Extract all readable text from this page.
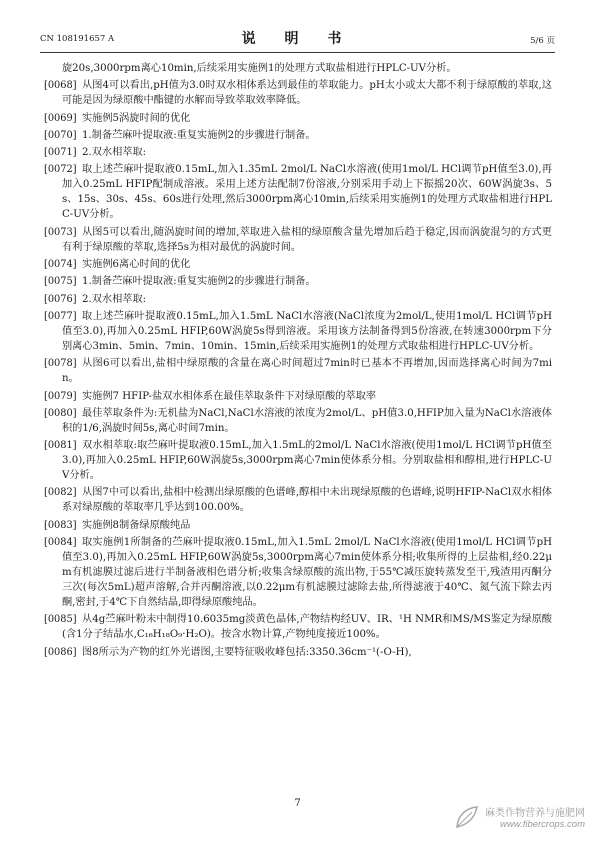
CN 108191657 A	说 明 书	5/6 页
旋20s,3000rpm离心10min,后续采用实施例1的处理方式取盐相进行HPLC-UV分析。
[0068] 从图4可以看出,pH值为3.0时双水相体系达到最佳的萃取能力。pH太小或太大都不利于绿原酸的萃取,这可能是因为绿原酸中酯键的水解而导致萃取效率降低。
[0069] 实施例5涡旋时间的优化
[0070] 1.制备苎麻叶提取液:重复实施例2的步骤进行制备。
[0071] 2.双水相萃取:
[0072] 取上述苎麻叶提取液0.15mL,加入1.35mL 2mol/L NaCl水溶液(使用1mol/L HCl调节pH值至3.0),再加入0.25mL HFIP配制成溶液。采用上述方法配制7份溶液,分别采用手动上下振摇20次、60W涡旋3s、5s、15s、30s、45s、60s进行处理,然后3000rpm离心10min,后续采用实施例1的处理方式取盐相进行HPLC-UV分析。
[0073] 从图5可以看出,随涡旋时间的增加,萃取进入盐相的绿原酸含量先增加后趋于稳定,因而涡旋混匀的方式更有利于绿原酸的萃取,选择5s为相对最优的涡旋时间。
[0074] 实施例6离心时间的优化
[0075] 1.制备苎麻叶提取液:重复实施例2的步骤进行制备。
[0076] 2.双水相萃取:
[0077] 取上述苎麻叶提取液0.15mL,加入1.5mL NaCl水溶液(NaCl浓度为2mol/L,使用1mol/L HCl调节pH值至3.0),再加入0.25mL HFIP,60W涡旋5s得到溶液。采用该方法制备得到5份溶液,在转速3000rpm下分别离心3min、5min、7min、10min、15min,后续采用实施例1的处理方式取盐相进行HPLC-UV分析。
[0078] 从图6可以看出,盐相中绿原酸的含量在离心时间超过7min时已基本不再增加,因而选择离心时间为7min。
[0079] 实施例7 HFIP-盐双水相体系在最佳萃取条件下对绿原酸的萃取率
[0080] 最佳萃取条件为:无机盐为NaCl,NaCl水溶液的浓度为2mol/L、pH值3.0,HFIP加入量为NaCl水溶液体积的1/6,涡旋时间5s,离心时间7min。
[0081] 双水相萃取:取苎麻叶提取液0.15mL,加入1.5mL的2mol/L NaCl水溶液(使用1mol/L HCl调节pH值至3.0),再加入0.25mL HFIP,60W涡旋5s,3000rpm离心7min使体系分相。分别取盐相和醇相,进行HPLC-UV分析。
[0082] 从图7中可以看出,盐相中检测出绿原酸的色谱峰,醇相中未出现绿原酸的色谱峰,说明HFIP-NaCl双水相体系对绿原酸的萃取率几乎达到100.00%。
[0083] 实施例8制备绿原酸纯品
[0084] 取实施例1所制备的苎麻叶提取液0.15mL,加入1.5mL 2mol/L NaCl水溶液(使用1mol/L HCl调节pH值至3.0),再加入0.25mL HFIP,60W涡旋5s,3000rpm离心7min使体系分相;收集所得的上层盐相,经0.22μm有机滤膜过滤后进行半制备液相色谱分析;收集含绿原酸的流出物,于55℃减压旋转蒸发至干,残渣用丙酮分三次(每次5mL)超声溶解,合并丙酮溶液,以0.22μm有机滤膜过滤除去盐,所得滤液于40℃、氮气流下除去丙酮,密封,于4℃下自然结晶,即得绿原酸纯品。
[0085] 从4g苎麻叶粉末中制得10.6035mg淡黄色晶体,产物结构经UV、IR、¹H NMR和MS/MS鉴定为绿原酸(含1分子结晶水,C₁₆H₁₈O₉·H₂O)。按含水物计算,产物纯度接近100%。
[0086] 图8所示为产物的红外光谱图,主要特征吸收峰包括:3350.36cm⁻¹(-O-H),
7

麻类作物营养与施肥网
www.fibercrops.com
